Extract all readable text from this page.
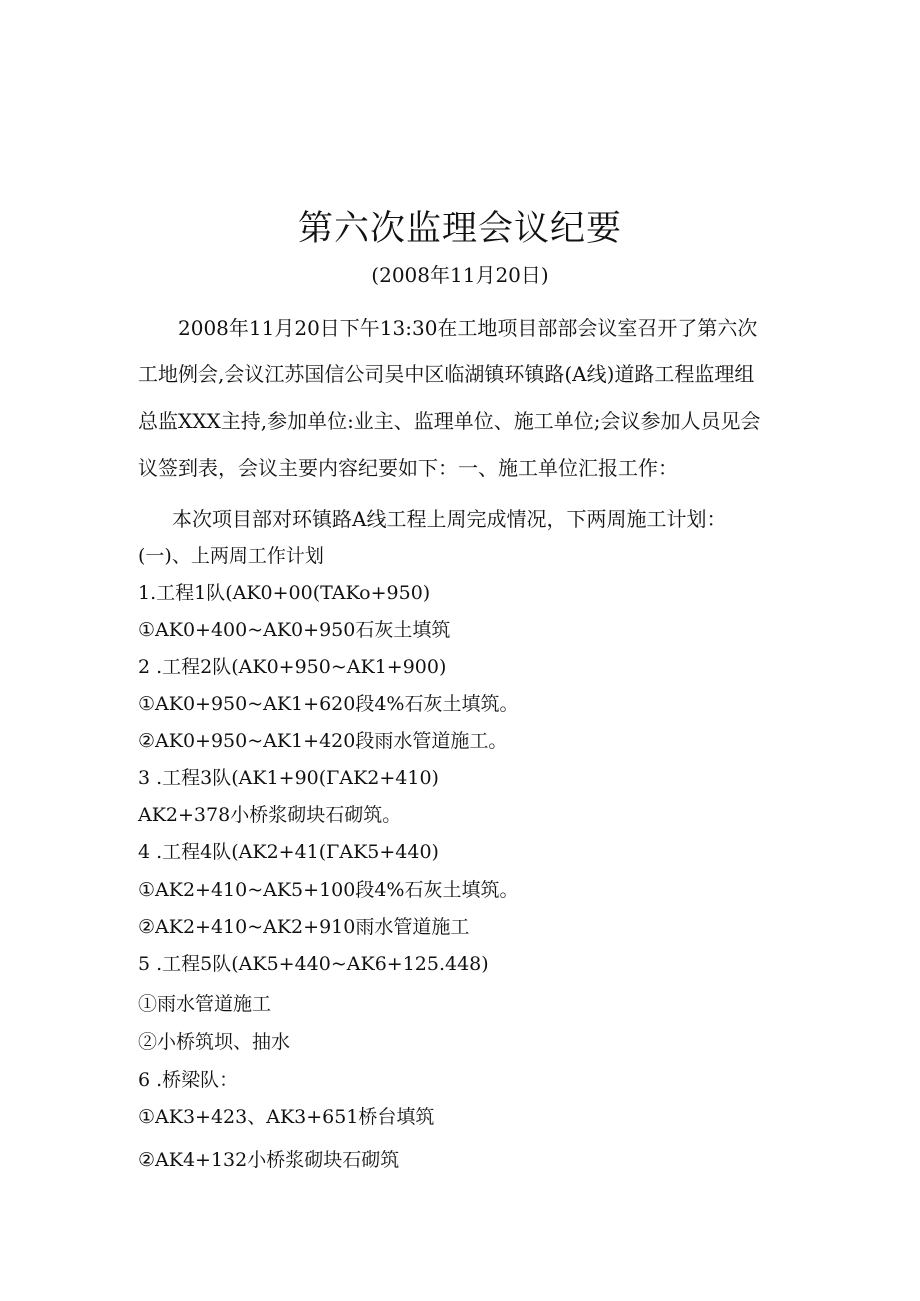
第六次监理会议纪要
(2008年11月20日)
2008年11月20日下午13:30在工地项目部部会议室召开了第六次
工地例会,会议江苏国信公司吴中区临湖镇环镇路(A线)道路工程监理组
总监XXX主持,参加单位:业主、监理单位、施工单位;会议参加人员见会
议签到表，会议主要内容纪要如下：一、施工单位汇报工作：
本次项目部对环镇路A线工程上周完成情况，下两周施工计划：
(一)、上两周工作计划
1.工程1队(AK0+00(TAKo+950)
①AK0+400~AK0+950石灰土填筑
2 .工程2队(AK0+950~AK1+900)
①AK0+950~AK1+620段4%石灰土填筑。
②AK0+950~AK1+420段雨水管道施工。
3 .工程3队(AK1+90(ΓAK2+410)
AK2+378小桥浆砌块石砌筑。
4 .工程4队(AK2+41(ΓAK5+440)
①AK2+410~AK5+100段4%石灰土填筑。
②AK2+410~AK2+910雨水管道施工
5 .工程5队(AK5+440~AK6+125.448)
①雨水管道施工
②小桥筑坝、抽水
6 .桥梁队：
①AK3+423、AK3+651桥台填筑
②AK4+132小桥浆砌块石砌筑
